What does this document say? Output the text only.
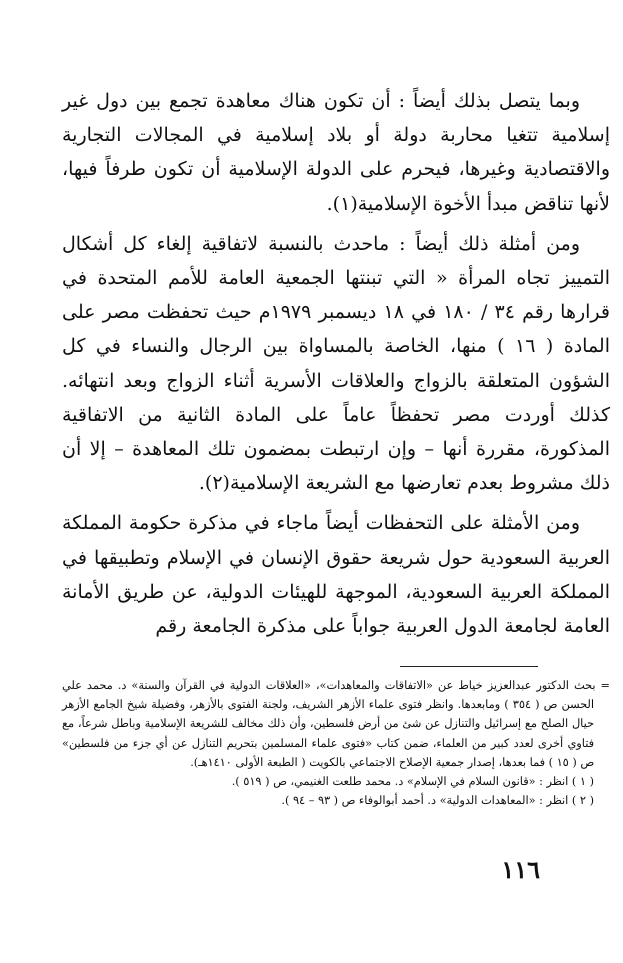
وبما يتصل بذلك أيضاً : أن تكون هناك معاهدة تجمع بين دول غير إسلامية تتغيا محاربة دولة أو بلاد إسلامية في المجالات التجارية والاقتصادية وغيرها، فيحرم على الدولة الإسلامية أن تكون طرفاً فيها، لأنها تناقض مبدأ الأخوة الإسلامية(١).

ومن أمثلة ذلك أيضاً : ماحدث بالنسبة لاتفاقية إلغاء كل أشكال التمييز تجاه المرأة « التي تبنتها الجمعية العامة للأمم المتحدة في قرارها رقم ٣٤ / ١٨٠ في ١٨ ديسمبر ١٩٧٩م حيث تحفظت مصر على المادة ( ١٦ ) منها، الخاصة بالمساواة بين الرجال والنساء في كل الشؤون المتعلقة بالزواج والعلاقات الأسرية أثناء الزواج وبعد انتهائه. كذلك أوردت مصر تحفظاً عاماً على المادة الثانية من الاتفاقية المذكورة، مقررة أنها – وإن ارتبطت بمضمون تلك المعاهدة – إلا أن ذلك مشروط بعدم تعارضها مع الشريعة الإسلامية(٢).

ومن الأمثلة على التحفظات أيضاً ماجاء في مذكرة حكومة المملكة العربية السعودية حول شريعة حقوق الإنسان في الإسلام وتطبيقها في المملكة العربية السعودية، الموجهة للهيئات الدولية، عن طريق الأمانة العامة لجامعة الدول العربية جواباً على مذكرة الجامعة رقم

= بحث الدكتور عبدالعزيز خياط عن «الاتفاقات والمعاهدات»، «العلاقات الدولية في القرآن والسنة» د. محمد علي الحسن ص ( ٣٥٤ ) ومابعدها. وانظر فتوى علماء الأزهر الشريف، ولجنة الفتوى بالأزهر، وفضيلة شيخ الجامع الأزهر حيال الصلح مع إسرائيل والتنازل عن شئ من أرض فلسطين، وأن ذلك مخالف للشريعة الإسلامية وباطل شرعاً، مع فتاوي أخرى لعدد كبير من العلماء، ضمن كتاب «فتوى علماء المسلمين بتحريم التنازل عن أي جزء من فلسطين» ص ( ١٥ ) فما بعدها، إصدار جمعية الإصلاح الاجتماعي بالكويت ( الطبعة الأولى ١٤١٠هـ).

( ١ ) انظر : «قانون السلام في الإسلام» د. محمد طلعت الغنيمي، ص ( ٥١٩ ).

( ٢ ) انظر : «المعاهدات الدولية» د. أحمد أبوالوفاء ص ( ٩٣ – ٩٤ ).

١١٦
